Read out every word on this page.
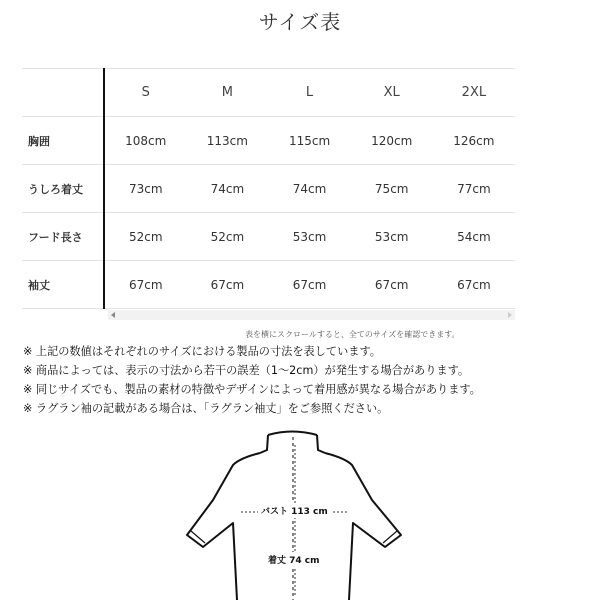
サイズ表
	S	M	L	XL	2XL
胸囲	108cm	113cm	115cm	120cm	126cm
うしろ着丈	73cm	74cm	74cm	75cm	77cm
フード長さ	52cm	52cm	53cm	53cm	54cm
袖丈	67cm	67cm	67cm	67cm	67cm
表を横にスクロールすると、全てのサイズを確認できます。
※ 上記の数値はそれぞれのサイズにおける製品の寸法を表しています。
※ 商品によっては、表示の寸法から若干の誤差（1〜2cm）が発生する場合があります。
※ 同じサイズでも、製品の素材の特徴やデザインによって着用感が異なる場合があります。
※ ラグラン袖の記載がある場合は、「ラグラン袖丈」をご参照ください。
バスト 113 cm
着丈 74 cm
